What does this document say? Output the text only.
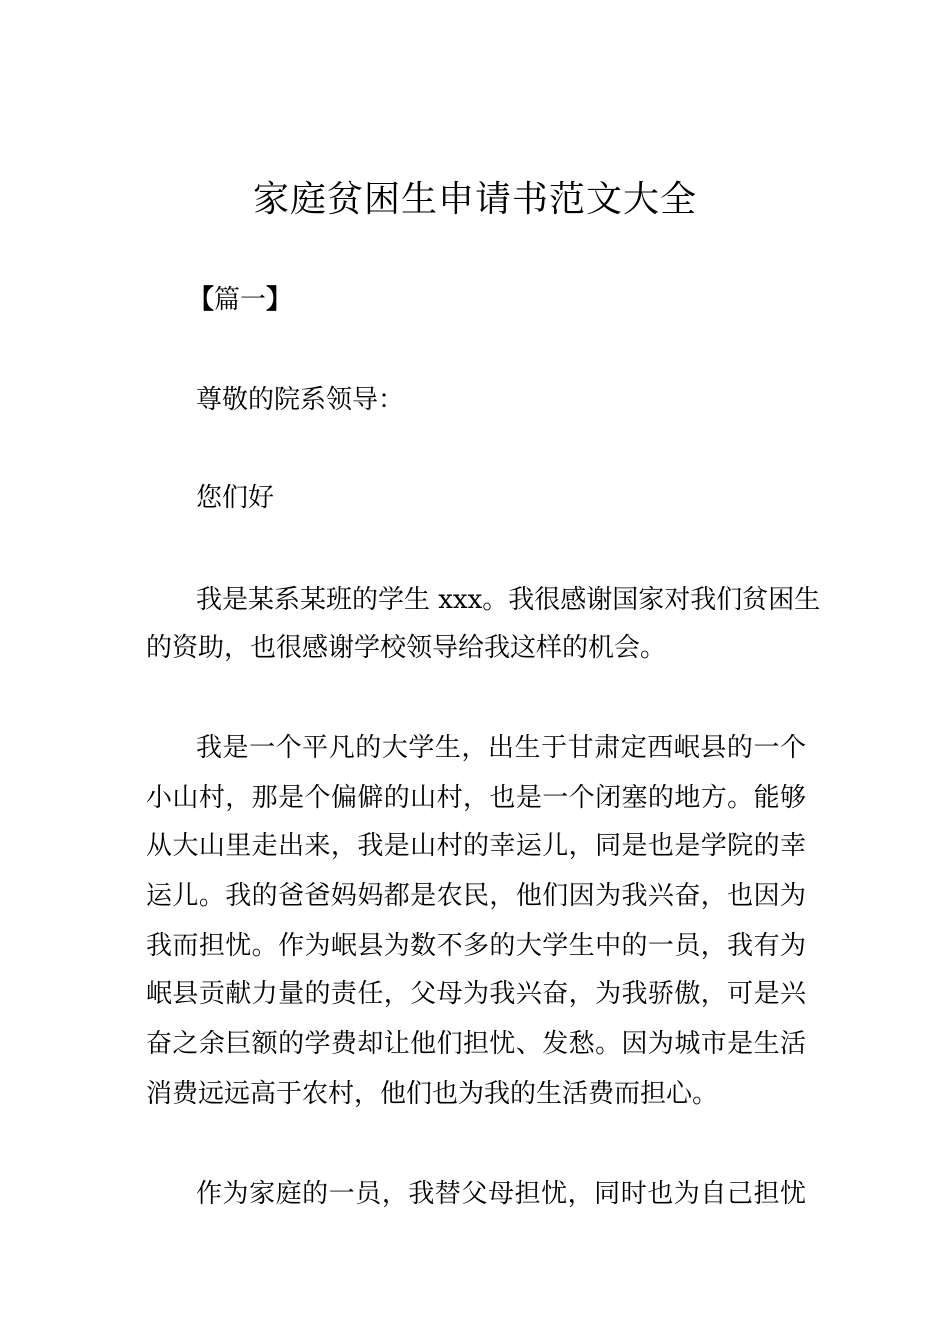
家庭贫困生申请书范文大全
【篇一】

尊敬的院系领导：

您们好

我是某系某班的学生 xxx。我很感谢国家对我们贫困生

的资助，也很感谢学校领导给我这样的机会。

我是一个平凡的大学生，出生于甘肃定西岷县的一个

小山村，那是个偏僻的山村，也是一个闭塞的地方。能够

从大山里走出来，我是山村的幸运儿，同是也是学院的幸

运儿。我的爸爸妈妈都是农民，他们因为我兴奋，也因为

我而担忧。作为岷县为数不多的大学生中的一员，我有为

岷县贡献力量的责任，父母为我兴奋，为我骄傲，可是兴

奋之余巨额的学费却让他们担忧、发愁。因为城市是生活

消费远远高于农村，他们也为我的生活费而担心。

作为家庭的一员，我替父母担忧，同时也为自己担忧
